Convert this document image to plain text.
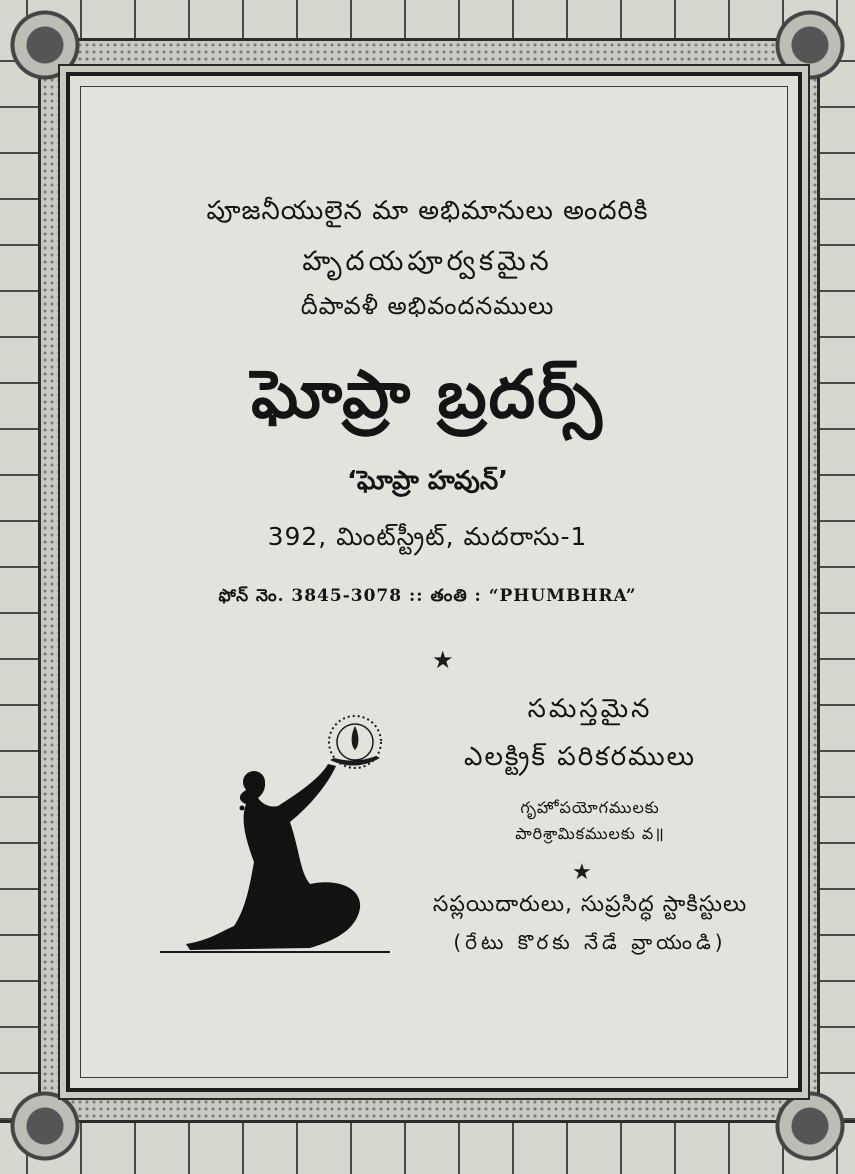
పూజనీయులైన మా అభిమానులు అందరికి
హృదయపూర్వకమైన
దీపావళీ అభివందనములు
ఘోప్రా బ్రదర్స్
‘ఘోప్రా హవున్’
392, మింట్‌స్ట్రీట్, మదరాసు-1
ఫోన్ నెం. 3845-3078 :: తంతి : “PHUMBHRA”
★
సమస్తమైన
ఎలక్ట్రిక్ పరికరములు
గృహోపయోగములకు
పారిశ్రామికములకు వ॥
★
సప్లయిదారులు, సుప్రసిద్ధ స్టాకిస్టులు
(రేటు కొరకు నేడే వ్రాయండి)
